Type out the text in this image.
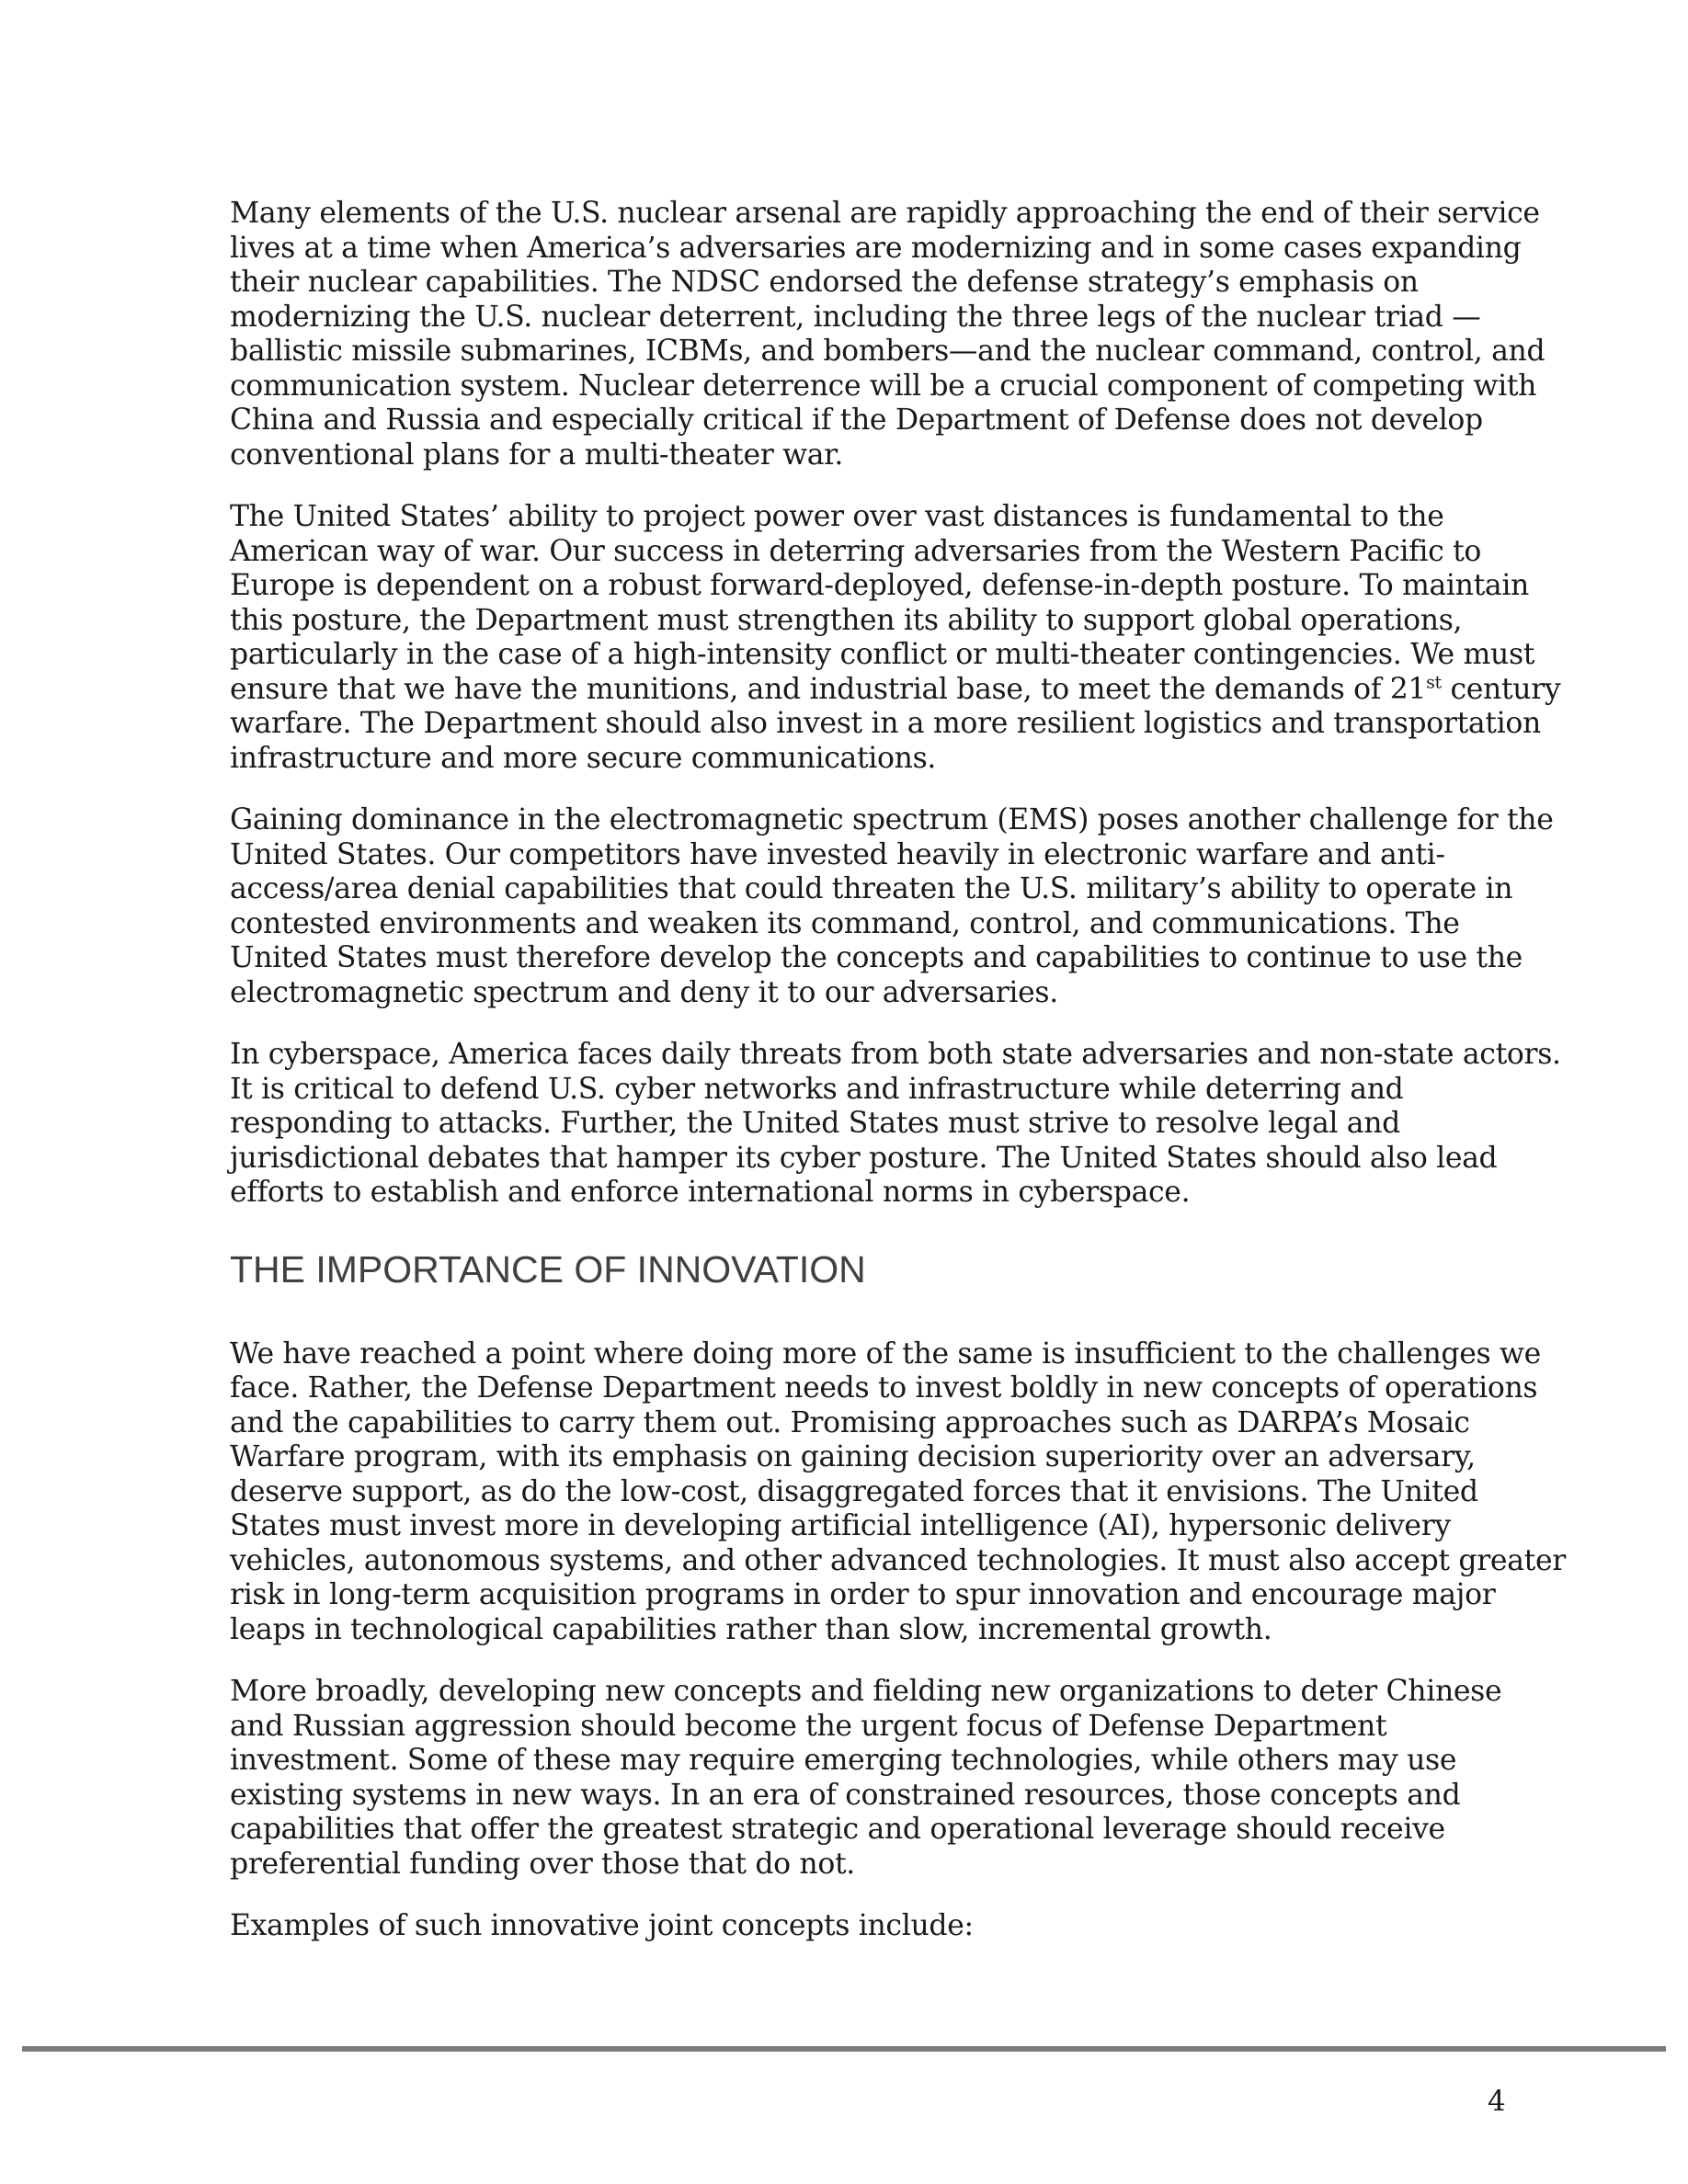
Many elements of the U.S. nuclear arsenal are rapidly approaching the end of their service
lives at a time when America’s adversaries are modernizing and in some cases expanding
their nuclear capabilities. The NDSC endorsed the defense strategy’s emphasis on
modernizing the U.S. nuclear deterrent, including the three legs of the nuclear triad —
ballistic missile submarines, ICBMs, and bombers—and the nuclear command, control, and
communication system. Nuclear deterrence will be a crucial component of competing with
China and Russia and especially critical if the Department of Defense does not develop
conventional plans for a multi-theater war.

The United States’ ability to project power over vast distances is fundamental to the
American way of war. Our success in deterring adversaries from the Western Pacific to
Europe is dependent on a robust forward-deployed, defense-in-depth posture. To maintain
this posture, the Department must strengthen its ability to support global operations,
particularly in the case of a high-intensity conflict or multi-theater contingencies. We must
ensure that we have the munitions, and industrial base, to meet the demands of 21st century
warfare. The Department should also invest in a more resilient logistics and transportation
infrastructure and more secure communications.

Gaining dominance in the electromagnetic spectrum (EMS) poses another challenge for the
United States. Our competitors have invested heavily in electronic warfare and anti-
access/area denial capabilities that could threaten the U.S. military’s ability to operate in
contested environments and weaken its command, control, and communications. The
United States must therefore develop the concepts and capabilities to continue to use the
electromagnetic spectrum and deny it to our adversaries.

In cyberspace, America faces daily threats from both state adversaries and non-state actors.
It is critical to defend U.S. cyber networks and infrastructure while deterring and
responding to attacks. Further, the United States must strive to resolve legal and
jurisdictional debates that hamper its cyber posture. The United States should also lead
efforts to establish and enforce international norms in cyberspace.

THE IMPORTANCE OF INNOVATION

We have reached a point where doing more of the same is insufficient to the challenges we
face. Rather, the Defense Department needs to invest boldly in new concepts of operations
and the capabilities to carry them out. Promising approaches such as DARPA’s Mosaic
Warfare program, with its emphasis on gaining decision superiority over an adversary,
deserve support, as do the low-cost, disaggregated forces that it envisions. The United
States must invest more in developing artificial intelligence (AI), hypersonic delivery
vehicles, autonomous systems, and other advanced technologies. It must also accept greater
risk in long-term acquisition programs in order to spur innovation and encourage major
leaps in technological capabilities rather than slow, incremental growth.

More broadly, developing new concepts and fielding new organizations to deter Chinese
and Russian aggression should become the urgent focus of Defense Department
investment. Some of these may require emerging technologies, while others may use
existing systems in new ways. In an era of constrained resources, those concepts and
capabilities that offer the greatest strategic and operational leverage should receive
preferential funding over those that do not.

Examples of such innovative joint concepts include:

4
